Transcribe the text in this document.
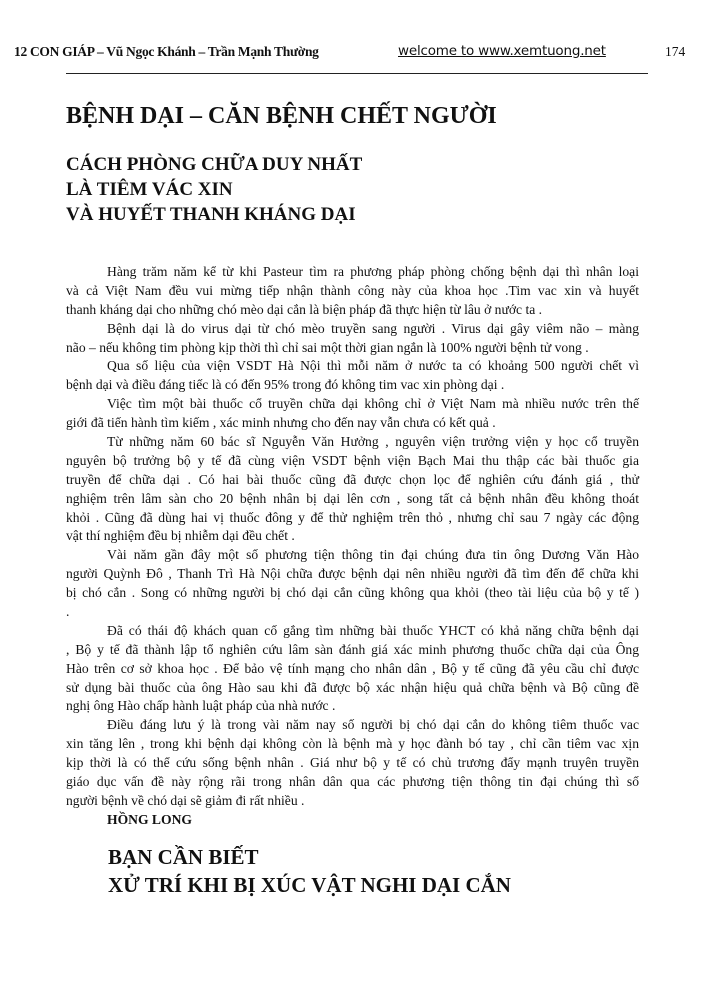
12 CON GIÁP – Vũ Ngọc Khánh – Trần Mạnh Thường	welcome to www.xemtuong.net	174
BỆNH DẠI – CĂN BỆNH CHẾT NGƯỜI
CÁCH PHÒNG CHỮA DUY NHẤT
LÀ TIÊM VÁC XIN
VÀ HUYẾT THANH KHÁNG DẠI
Hàng trăm năm kể từ khi Pasteur tìm ra phương pháp phòng chống bệnh dại thì nhân loại
và cả Việt Nam đều vui mừng tiếp nhận thành công này của khoa học .Tim vac xin và huyết
thanh kháng dại cho những chó mèo dại cắn là biện pháp đã thực hiện từ lâu ở nước ta .
Bệnh dại là do virus dại từ chó mèo truyền sang người . Virus dại gây viêm não – màng
não – nếu không tim phòng kịp thời thì chỉ sai một thời gian ngắn là 100% người bệnh tử vong .
Qua số liệu của viện VSDT Hà Nội thì mỗi năm ở nước ta có khoảng 500 người chết vì
bệnh dại và điều đáng tiếc là có đến 95% trong đó không tim vac xin phòng dại .
Việc tìm một bài thuốc cổ truyền chữa dại không chỉ ở Việt Nam mà nhiều nước trên thế
giới đã tiến hành tìm kiếm , xác minh nhưng cho đến nay vẫn chưa có kết quả .
Từ những năm 60 bác sĩ Nguyễn Văn Hưởng , nguyên viện trưởng viện y học cổ truyền
nguyên bộ trưởng bộ y tế đã cùng viện VSDT bệnh viện Bạch Mai thu thập các bài thuốc gia
truyền để chữa dại . Có hai bài thuốc cũng đã được chọn lọc để nghiên cứu đánh giá , thử
nghiệm trên lâm sàn cho 20 bệnh nhân bị dại lên cơn , song tất cả bệnh nhân đều không thoát
khỏi . Cũng đã dùng hai vị thuốc đông y để thử nghiệm trên thỏ , nhưng chỉ sau 7 ngày các động
vật thí nghiệm đều bị nhiễm dại đều chết .
Vài năm gần đây một số phương tiện thông tin đại chúng đưa tin ông Dương Văn Hào
người Quỳnh Đô , Thanh Trì Hà Nội chữa được bệnh dại nên nhiều người đã tìm đến để chữa khi
bị chó cắn . Song có những người bị chó dại cắn cũng không qua khỏi (theo tài liệu của bộ y tế )
.
Đã có thái độ khách quan cố gắng tìm những bài thuốc YHCT có khả năng chữa bệnh dại
, Bộ y tế đã thành lập tổ nghiên cứu lâm sàn đánh giá xác minh phương thuốc chữa dại của Ông
Hào trên cơ sở khoa học . Để bảo vệ tính mạng cho nhân dân , Bộ y tế cũng đã yêu cầu chỉ được
sử dụng bài thuốc của ông Hào sau khi đã được bộ xác nhận hiệu quả chữa bệnh và Bộ cũng đề
nghị ông Hào chấp hành luật pháp của nhà nước .
Điều đáng lưu ý là trong vài năm nay số người bị chó dại cắn do không tiêm thuốc vac
xin tăng lên , trong khi bệnh dại không còn là bệnh mà y học đành bó tay , chỉ cần tiêm vac xịn
kịp thời là có thể cứu sống bệnh nhân . Giá như bộ y tế có chủ trương đẩy mạnh truyên truyền
giáo dục vấn đề này rộng rãi trong nhân dân qua các phương tiện thông tin đại chúng thì số
người bệnh về chó dại sẽ giảm đi rất nhiều .
HỒNG LONG
BẠN CẦN BIẾT
XỬ TRÍ KHI BỊ XÚC VẬT NGHI DẠI CẮN
